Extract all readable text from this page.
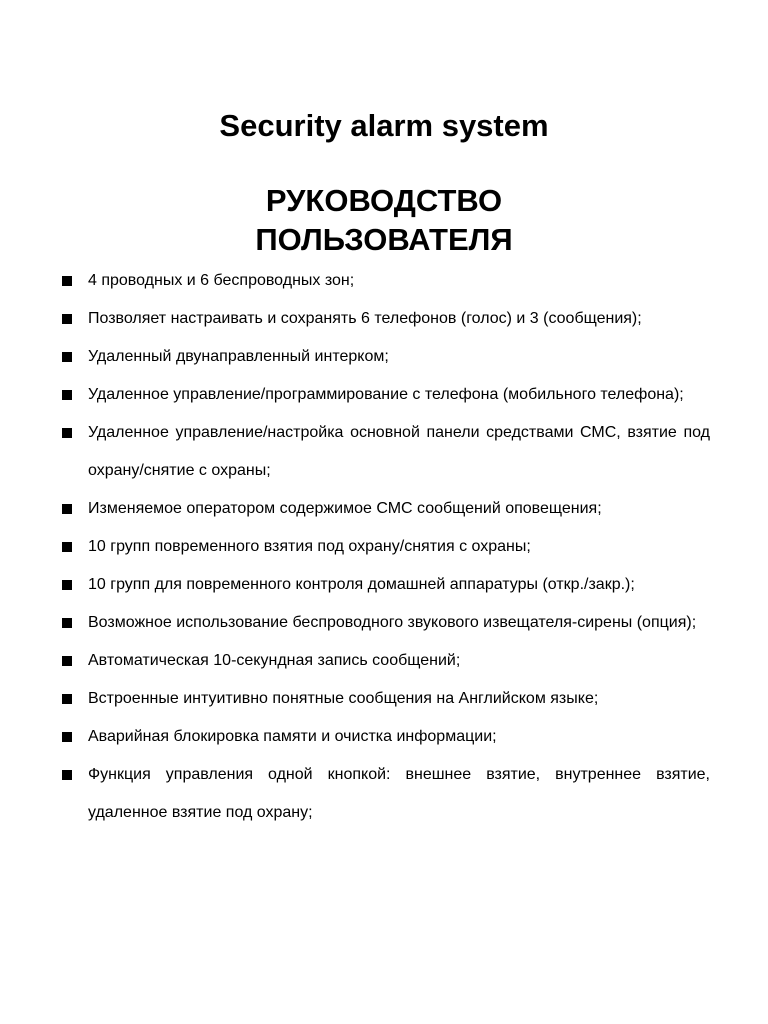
Security alarm system
РУКОВОДСТВО
ПОЛЬЗОВАТЕЛЯ
4 проводных и 6 беспроводных зон;
Позволяет настраивать и сохранять 6 телефонов (голос) и 3 (сообщения);
Удаленный двунаправленный интерком;
Удаленное управление/программирование с телефона (мобильного телефона);
Удаленное управление/настройка основной панели средствами СМС, взятие под охрану/снятие с охраны;
Изменяемое оператором содержимое СМС сообщений оповещения;
10 групп повременного взятия под охрану/снятия с охраны;
10 групп для повременного контроля домашней аппаратуры (откр./закр.);
Возможное использование беспроводного звукового извещателя-сирены (опция);
Автоматическая 10-секундная запись сообщений;
Встроенные интуитивно понятные сообщения на Английском языке;
Аварийная блокировка памяти и очистка информации;
Функция управления одной кнопкой: внешнее взятие, внутреннее взятие, удаленное взятие под охрану;
